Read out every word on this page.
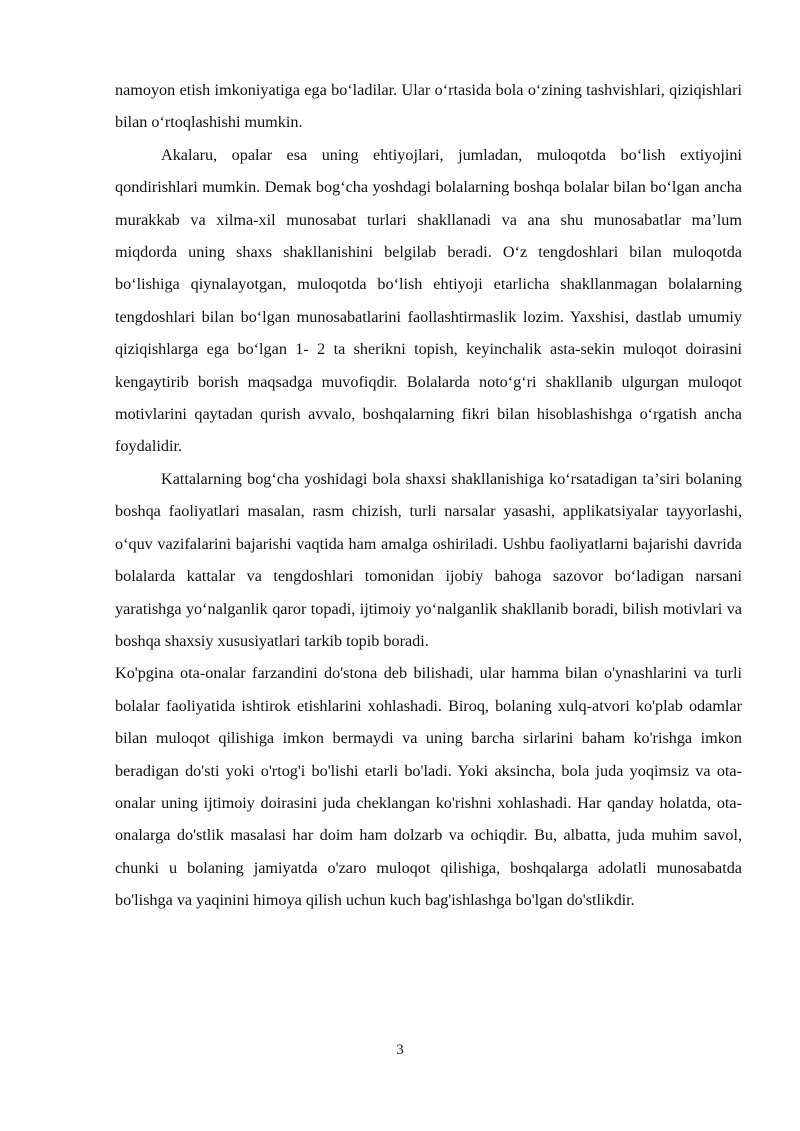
namoyon etish imkoniyatiga ega boʻladilar. Ular oʻrtasida bola oʻzining tashvishlari, qiziqishlari bilan oʻrtoqlashishi mumkin.

Akalaru, opalar esa uning ehtiyojlari, jumladan, muloqotda boʻlish extiyojini qondirishlari mumkin. Demak bogʻcha yoshdagi bolalarning boshqa bolalar bilan boʻlgan ancha murakkab va xilma-xil munosabat turlari shakllanadi va ana shu munosabatlar maʼlum miqdorda uning shaxs shakllanishini belgilab beradi. Oʻz tengdoshlari bilan muloqotda boʻlishiga qiynalayotgan, muloqotda boʻlish ehtiyoji etarlicha shakllanmagan bolalarning tengdoshlari bilan boʻlgan munosabatlarini faollashtirmaslik lozim. Yaxshisi, dastlab umumiy qiziqishlarga ega boʻlgan 1- 2 ta sherikni topish, keyinchalik asta-sekin muloqot doirasini kengaytirib borish maqsadga muvofiqdir. Bolalarda notoʻgʻri shakllanib ulgurgan muloqot motivlarini qaytadan qurish avvalo, boshqalarning fikri bilan hisoblashishga oʻrgatish ancha foydalidir.

Kattalarning bogʻcha yoshidagi bola shaxsi shakllanishiga koʻrsatadigan taʼsiri bolaning boshqa faoliyatlari masalan, rasm chizish, turli narsalar yasashi, applikatsiyalar tayyorlashi, oʻquv vazifalarini bajarishi vaqtida ham amalga oshiriladi. Ushbu faoliyatlarni bajarishi davrida bolalarda kattalar va tengdoshlari tomonidan ijobiy bahoga sazovor boʻladigan narsani yaratishga yoʻnalganlik qaror topadi, ijtimoiy yoʻnalganlik shakllanib boradi, bilish motivlari va boshqa shaxsiy xususiyatlari tarkib topib boradi.

Ko'pgina ota-onalar farzandini do'stona deb bilishadi, ular hamma bilan o'ynashlarini va turli bolalar faoliyatida ishtirok etishlarini xohlashadi. Biroq, bolaning xulq-atvori ko'plab odamlar bilan muloqot qilishiga imkon bermaydi va uning barcha sirlarini baham ko'rishga imkon beradigan do'sti yoki o'rtog'i bo'lishi etarli bo'ladi. Yoki aksincha, bola juda yoqimsiz va ota-onalar uning ijtimoiy doirasini juda cheklangan ko'rishni xohlashadi. Har qanday holatda, ota-onalarga do'stlik masalasi har doim ham dolzarb va ochiqdir. Bu, albatta, juda muhim savol, chunki u bolaning jamiyatda o'zaro muloqot qilishiga, boshqalarga adolatli munosabatda bo'lishga va yaqinini himoya qilish uchun kuch bag'ishlashga bo'lgan do'stlikdir.

3
